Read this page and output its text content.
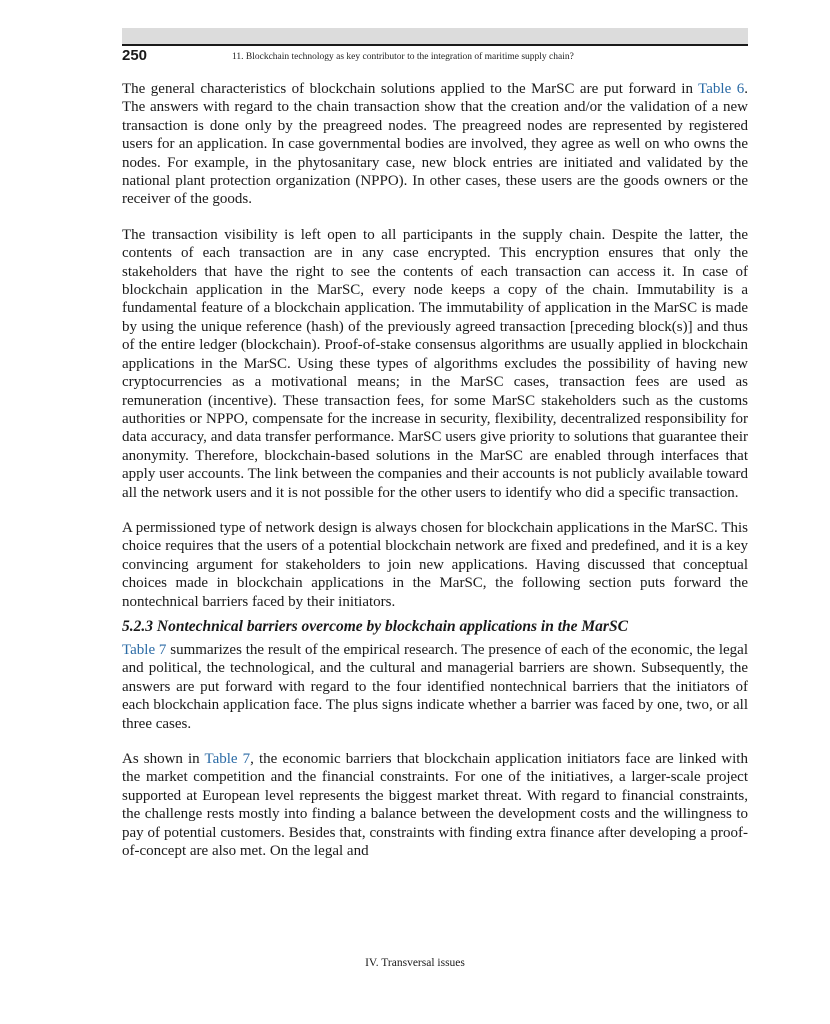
250	11. Blockchain technology as key contributor to the integration of maritime supply chain?

The general characteristics of blockchain solutions applied to the MarSC are put forward in Table 6. The answers with regard to the chain transaction show that the creation and/or the validation of a new transaction is done only by the preagreed nodes. The preagreed nodes are represented by registered users for an application. In case governmental bodies are involved, they agree as well on who owns the nodes. For example, in the phytosanitary case, new block entries are initiated and validated by the national plant protection organization (NPPO). In other cases, these users are the goods owners or the receiver of the goods.

The transaction visibility is left open to all participants in the supply chain. Despite the latter, the contents of each transaction are in any case encrypted. This encryption ensures that only the stakeholders that have the right to see the contents of each transaction can access it. In case of blockchain application in the MarSC, every node keeps a copy of the chain. Immutability is a fundamental feature of a blockchain application. The immutability of application in the MarSC is made by using the unique reference (hash) of the previously agreed transaction [preceding block(s)] and thus of the entire ledger (blockchain). Proof-of-stake consensus algorithms are usually applied in blockchain applications in the MarSC. Using these types of algorithms excludes the possibility of having new cryptocurrencies as a motivational means; in the MarSC cases, transaction fees are used as remuneration (incentive). These transaction fees, for some MarSC stakeholders such as the customs authorities or NPPO, compensate for the increase in security, flexibility, decentralized responsibility for data accuracy, and data transfer performance. MarSC users give priority to solutions that guarantee their anonymity. Therefore, blockchain-based solutions in the MarSC are enabled through interfaces that apply user accounts. The link between the companies and their accounts is not publicly available toward all the network users and it is not possible for the other users to identify who did a specific transaction.

A permissioned type of network design is always chosen for blockchain applications in the MarSC. This choice requires that the users of a potential blockchain network are fixed and predefined, and it is a key convincing argument for stakeholders to join new applications. Having discussed that conceptual choices made in blockchain applications in the MarSC, the following section puts forward the nontechnical barriers faced by their initiators.

5.2.3 Nontechnical barriers overcome by blockchain applications in the MarSC

Table 7 summarizes the result of the empirical research. The presence of each of the economic, the legal and political, the technological, and the cultural and managerial barriers are shown. Subsequently, the answers are put forward with regard to the four identified nontechnical barriers that the initiators of each blockchain application face. The plus signs indicate whether a barrier was faced by one, two, or all three cases.

As shown in Table 7, the economic barriers that blockchain application initiators face are linked with the market competition and the financial constraints. For one of the initiatives, a larger-scale project supported at European level represents the biggest market threat. With regard to financial constraints, the challenge rests mostly into finding a balance between the development costs and the willingness to pay of potential customers. Besides that, constraints with finding extra finance after developing a proof-of-concept are also met. On the legal and

IV. Transversal issues
